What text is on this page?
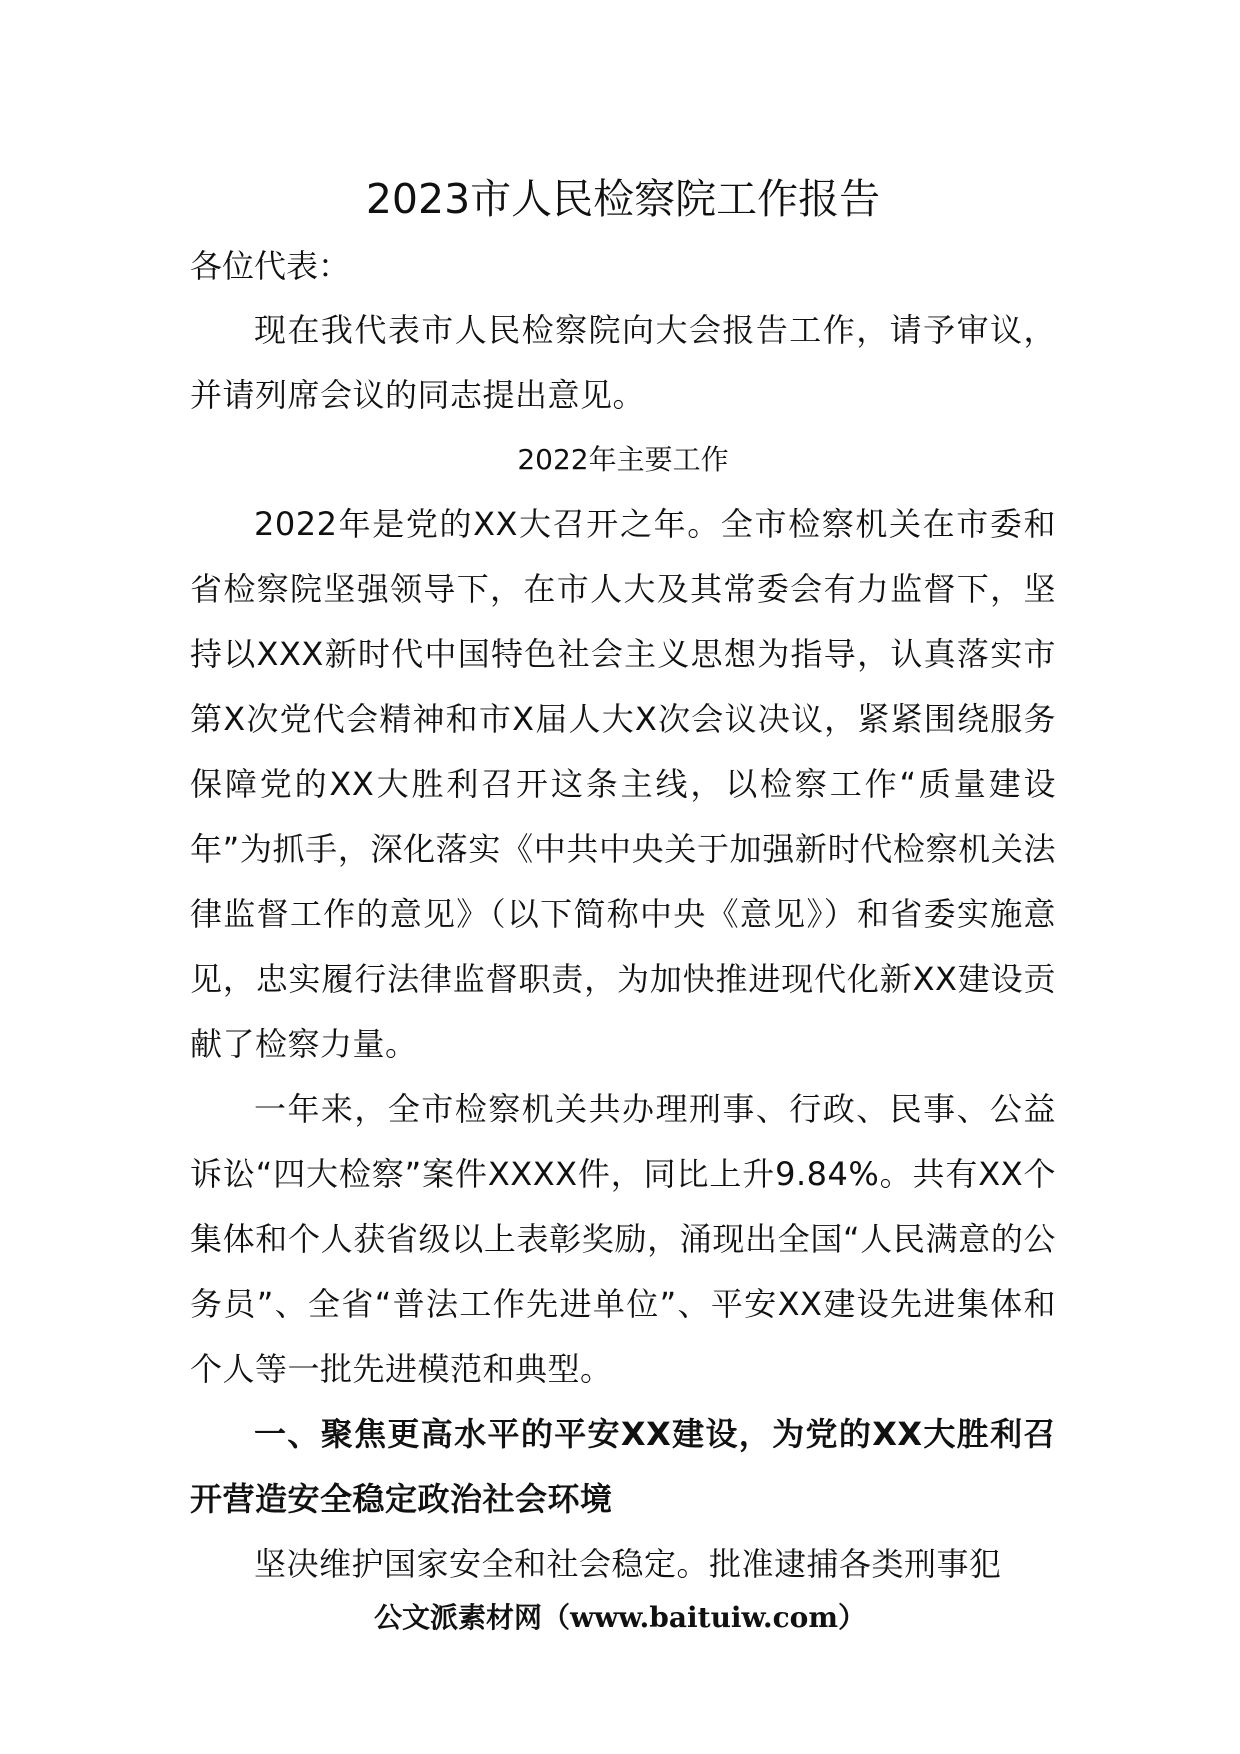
2023市人民检察院工作报告

各位代表：

现在我代表市人民检察院向大会报告工作，请予审议，并请列席会议的同志提出意见。

2022年主要工作

2022年是党的XX大召开之年。全市检察机关在市委和省检察院坚强领导下，在市人大及其常委会有力监督下，坚持以XXX新时代中国特色社会主义思想为指导，认真落实市第X次党代会精神和市X届人大X次会议决议，紧紧围绕服务保障党的XX大胜利召开这条主线，以检察工作“质量建设年”为抓手，深化落实《中共中央关于加强新时代检察机关法律监督工作的意见》（以下简称中央《意见》）和省委实施意见，忠实履行法律监督职责，为加快推进现代化新XX建设贡献了检察力量。

一年来，全市检察机关共办理刑事、行政、民事、公益诉讼“四大检察”案件XXXX件，同比上升9.84%。共有XX个集体和个人获省级以上表彰奖励，涌现出全国“人民满意的公务员”、全省“普法工作先进单位”、平安XX建设先进集体和个人等一批先进模范和典型。

一、聚焦更高水平的平安XX建设，为党的XX大胜利召开营造安全稳定政治社会环境

坚决维护国家安全和社会稳定。批准逮捕各类刑事犯

公文派素材网（www.baituiw.com）
